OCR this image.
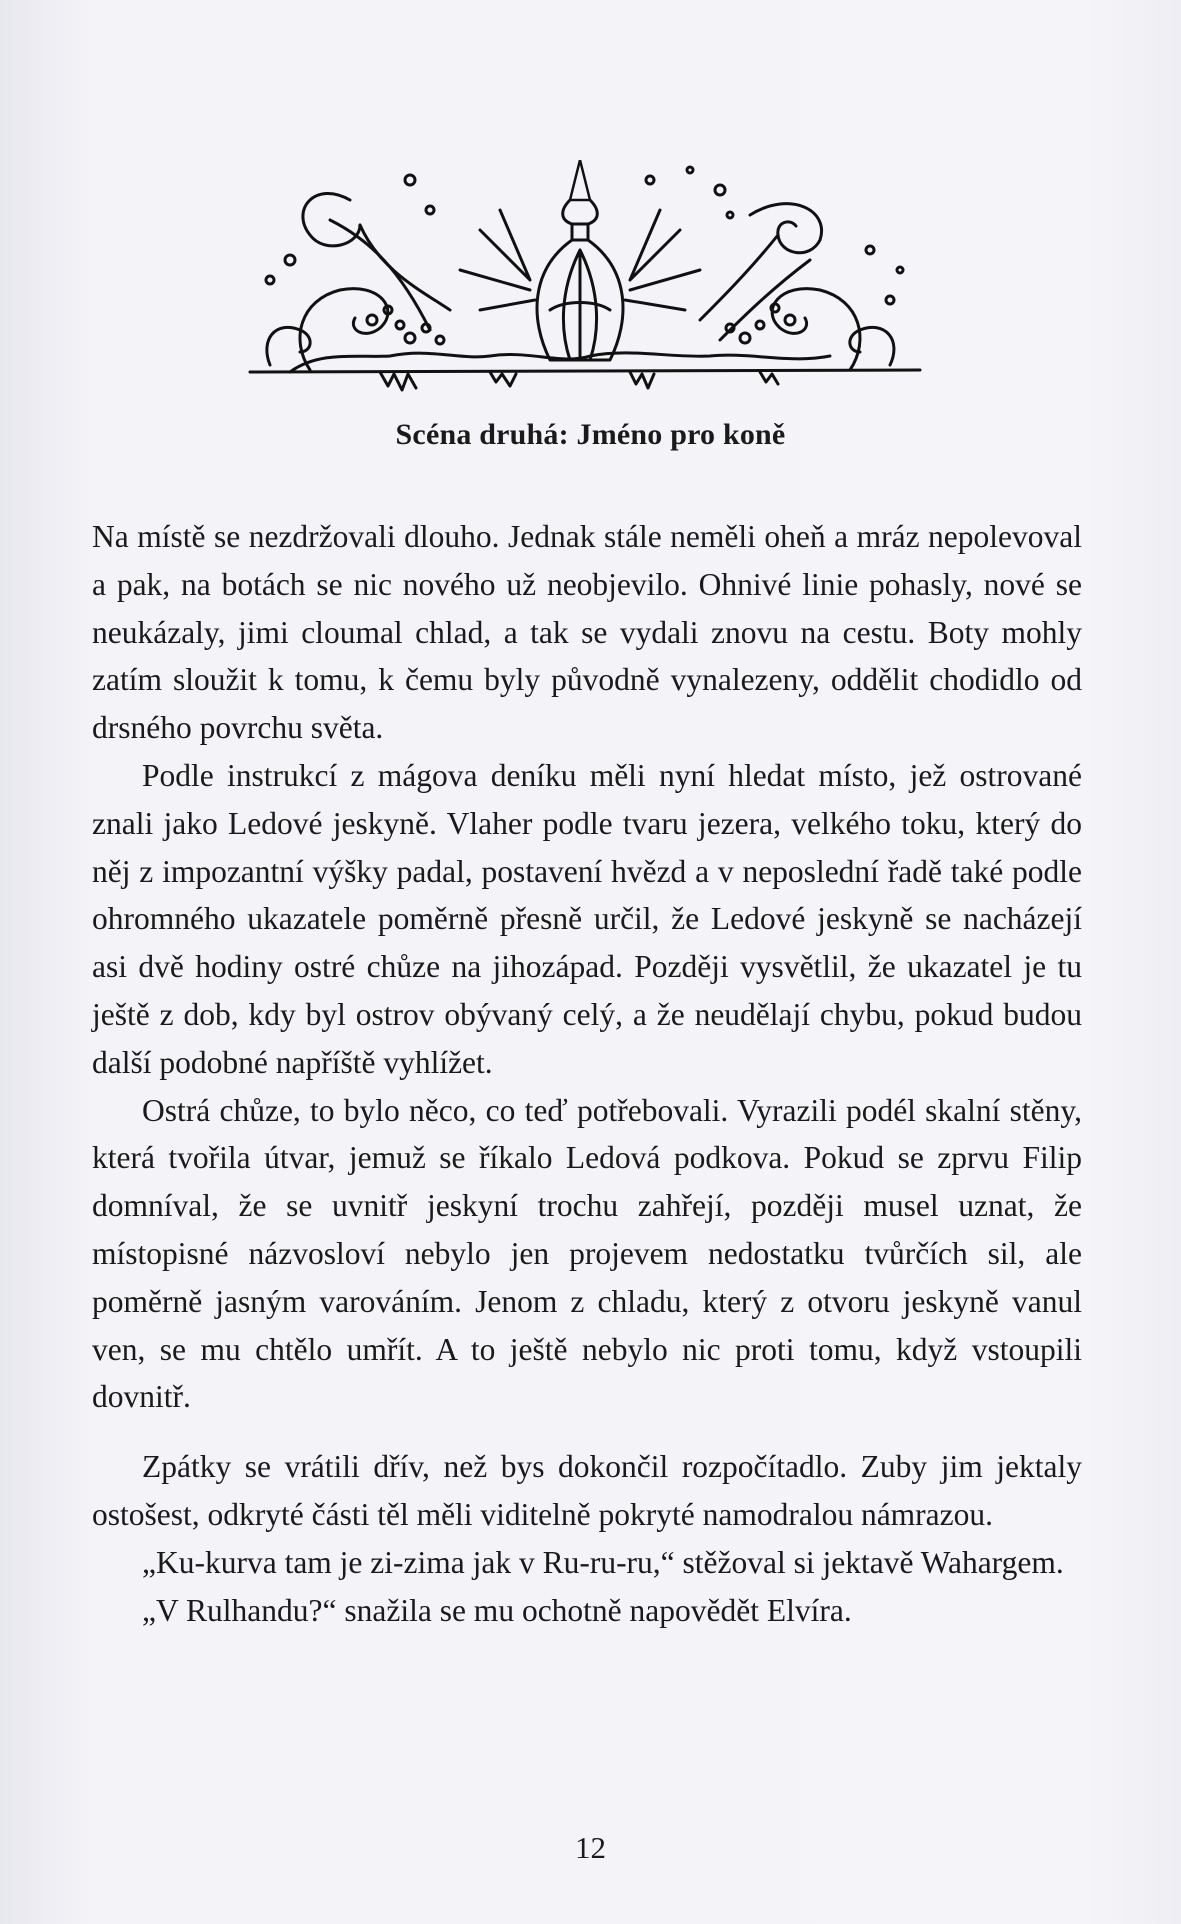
Scéna druhá: Jméno pro koně

Na místě se nezdržovali dlouho. Jednak stále neměli oheň a mráz nepolevoval a pak, na botách se nic nového už neobjevilo. Ohnivé linie pohasly, nové se neukázaly, jimi cloumal chlad, a tak se vydali znovu na cestu. Boty mohly zatím sloužit k tomu, k čemu byly původně vynalezeny, oddělit chodidlo od drsného povrchu světa.

Podle instrukcí z mágova deníku měli nyní hledat místo, jež ostrované znali jako Ledové jeskyně. Vlaher podle tvaru jezera, velkého toku, který do něj z impozantní výšky padal, postavení hvězd a v neposlední řadě také podle ohromného ukazatele poměrně přesně určil, že Ledové jeskyně se nacházejí asi dvě hodiny ostré chůze na jihozápad. Později vysvětlil, že ukazatel je tu ještě z dob, kdy byl ostrov obývaný celý, a že neudělají chybu, pokud budou další podobné napříště vyhlížet.

Ostrá chůze, to bylo něco, co teď potřebovali. Vyrazili podél skalní stěny, která tvořila útvar, jemuž se říkalo Ledová podkova. Pokud se zprvu Filip domníval, že se uvnitř jeskyní trochu zahřejí, později musel uznat, že místopisné názvosloví nebylo jen projevem nedostatku tvůrčích sil, ale poměrně jasným varováním. Jenom z chladu, který z otvoru jeskyně vanul ven, se mu chtělo umřít. A to ještě nebylo nic proti tomu, když vstoupili dovnitř.

Zpátky se vrátili dřív, než bys dokončil rozpočítadlo. Zuby jim jektaly ostošest, odkryté části těl měli viditelně pokryté namodralou námrazou.

„Ku-kurva tam je zi-zima jak v Ru-ru-ru,“ stěžoval si jektavě Wahargem.

„V Rulhandu?“ snažila se mu ochotně napovědět Elvíra.

12
